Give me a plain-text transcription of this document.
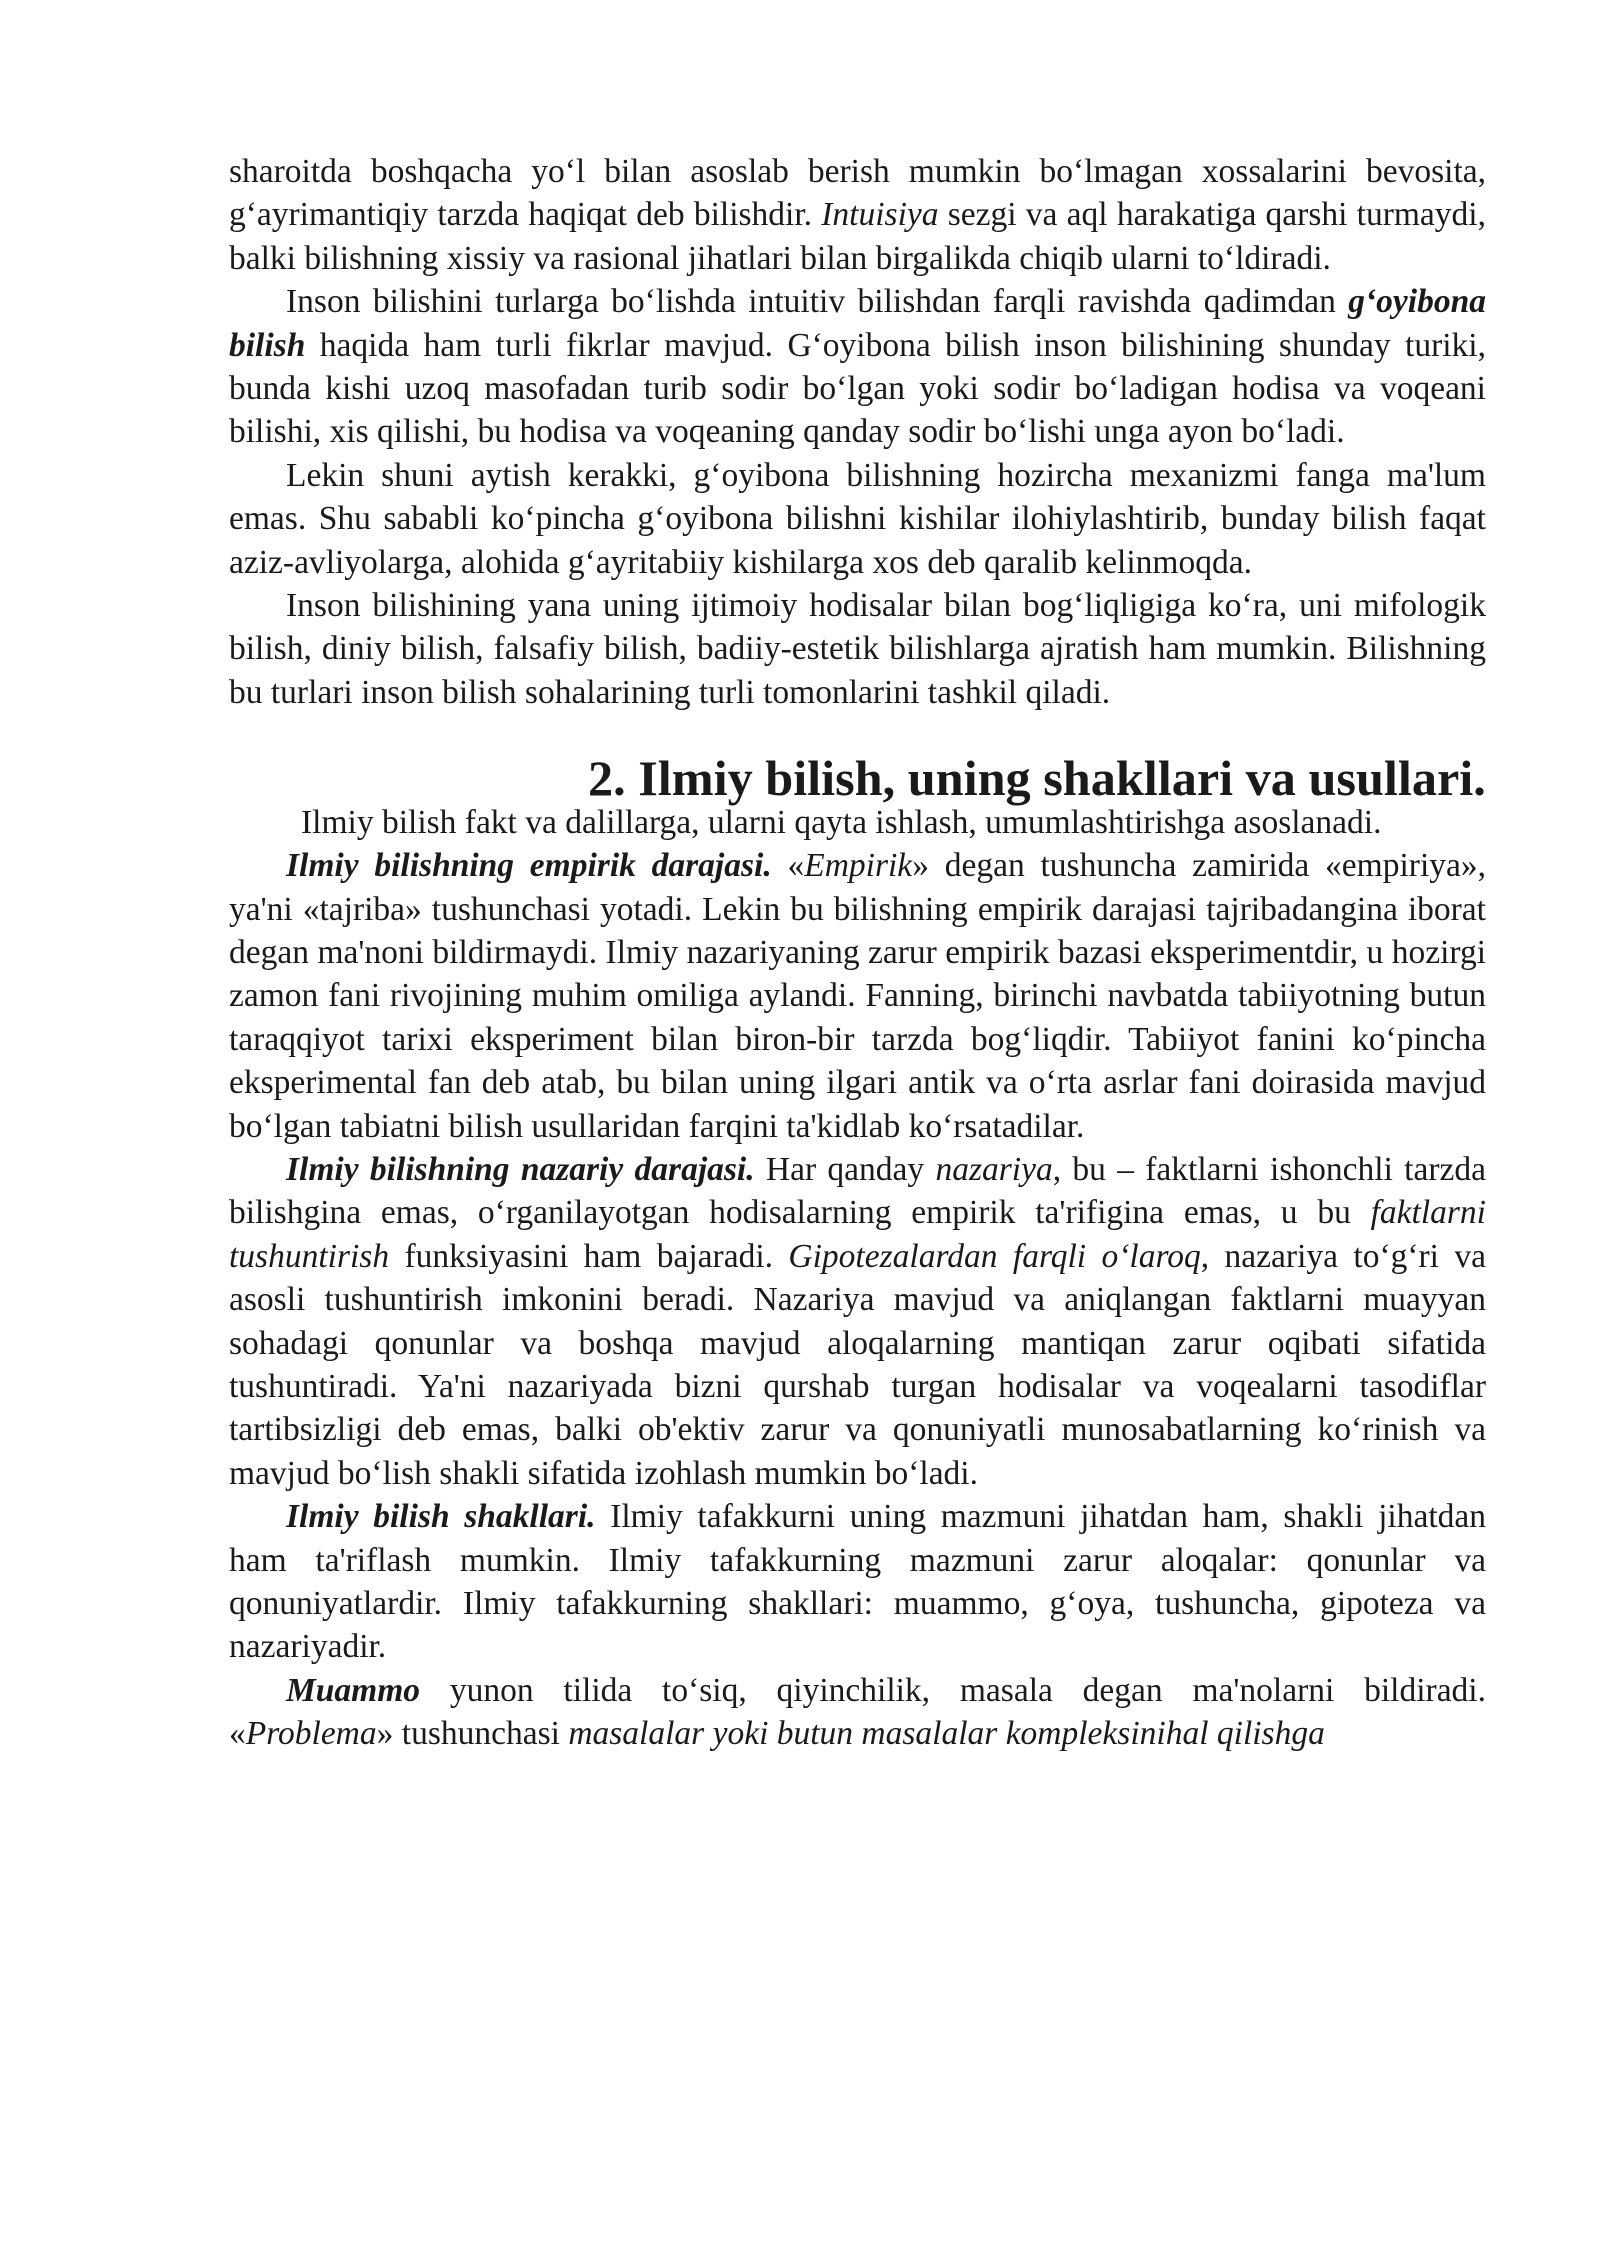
sharoitda boshqacha yo‘l bilan asoslab berish mumkin bo‘lmagan xossalarini bevosita, g‘ayrimantiqiy tarzda haqiqat deb bilishdir. Intuisiya sezgi va aql harakatiga qarshi turmaydi, balki bilishning xissiy va rasional jihatlari bilan birgalikda chiqib ularni to‘ldiradi.

Inson bilishini turlarga bo‘lishda intuitiv bilishdan farqli ravishda qadimdan g‘oyibona bilish haqida ham turli fikrlar mavjud. G‘oyibona bilish inson bilishining shunday turiki, bunda kishi uzoq masofadan turib sodir bo‘lgan yoki sodir bo‘ladigan hodisa va voqeani bilishi, xis qilishi, bu hodisa va voqeaning qanday sodir bo‘lishi unga ayon bo‘ladi.

Lekin shuni aytish kerakki, g‘oyibona bilishning hozircha mexanizmi fanga ma'lum emas. Shu sababli ko‘pincha g‘oyibona bilishni kishilar ilohiylashtirib, bunday bilish faqat aziz-avliyolarga, alohida g‘ayritabiiy kishilarga xos deb qaralib kelinmoqda.

Inson bilishining yana uning ijtimoiy hodisalar bilan bog‘liqligiga ko‘ra, uni mifologik bilish, diniy bilish, falsafiy bilish, badiiy-estetik bilishlarga ajratish ham mumkin. Bilishning bu turlari inson bilish sohalarining turli tomonlarini tashkil qiladi.

2. Ilmiy bilish, uning shakllari va usullari.

Ilmiy bilish fakt va dalillarga, ularni qayta ishlash, umumlashtirishga asoslanadi.

Ilmiy bilishning empirik darajasi. «Empirik» degan tushuncha zamirida «empiriya», ya'ni «tajriba» tushunchasi yotadi. Lekin bu bilishning empirik darajasi tajribadangina iborat degan ma'noni bildirmaydi. Ilmiy nazariyaning zarur empirik bazasi eksperimentdir, u hozirgi zamon fani rivojining muhim omiliga aylandi. Fanning, birinchi navbatda tabiiyotning butun taraqqiyot tarixi eksperiment bilan biron-bir tarzda bog‘liqdir. Tabiiyot fanini ko‘pincha eksperimental fan deb atab, bu bilan uning ilgari antik va o‘rta asrlar fani doirasida mavjud bo‘lgan tabiatni bilish usullaridan farqini ta'kidlab ko‘rsatadilar.

Ilmiy bilishning nazariy darajasi. Har qanday nazariya, bu – faktlarni ishonchli tarzda bilishgina emas, o‘rganilayotgan hodisalarning empirik ta'rifigina emas, u bu faktlarni tushuntirish funksiyasini ham bajaradi. Gipotezalardan farqli o‘laroq, nazariya to‘g‘ri va asosli tushuntirish imkonini beradi. Nazariya mavjud va aniqlangan faktlarni muayyan sohadagi qonunlar va boshqa mavjud aloqalarning mantiqan zarur oqibati sifatida tushuntiradi. Ya'ni nazariyada bizni qurshab turgan hodisalar va voqealarni tasodiflar tartibsizligi deb emas, balki ob'ektiv zarur va qonuniyatli munosabatlarning ko‘rinish va mavjud bo‘lish shakli sifatida izohlash mumkin bo‘ladi.

Ilmiy bilish shakllari. Ilmiy tafakkurni uning mazmuni jihatdan ham, shakli jihatdan ham ta'riflash mumkin. Ilmiy tafakkurning mazmuni zarur aloqalar: qonunlar va qonuniyatlardir. Ilmiy tafakkurning shakllari: muammo, g‘oya, tushuncha, gipoteza va nazariyadir.

Muammo yunon tilida to‘siq, qiyinchilik, masala degan ma'nolarni bildiradi. «Problema» tushunchasi masalalar yoki butun masalalar kompleksinihal qilishga
